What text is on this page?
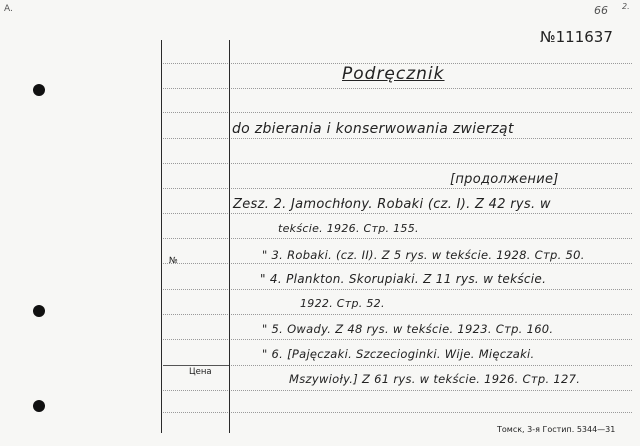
A.	66 2.
№111637
Podręcznik
do zbierania i konserwowania zwierząt
[продолжение]
Zesz. 2. Jamochłony. Robaki (cz. I). Z 42 rys. w
tekście. 1926. Стр. 155.
" 3. Robaki. (cz. II). Z 5 rys. w tekście. 1928. Стр. 50.
" 4. Plankton. Skorupiaki. Z 11 rys. w tekście.
1922. Стр. 52.
" 5. Owady. Z 48 rys. w tekście. 1923. Стр. 160.
" 6. [Pajęczaki. Szczecioginki. Wije. Mięczaki.
Mszywioły.] Z 61 rys. w tekście. 1926. Стр. 127.
№
Цена
Томск, 3-я Гостип. 5344—31
